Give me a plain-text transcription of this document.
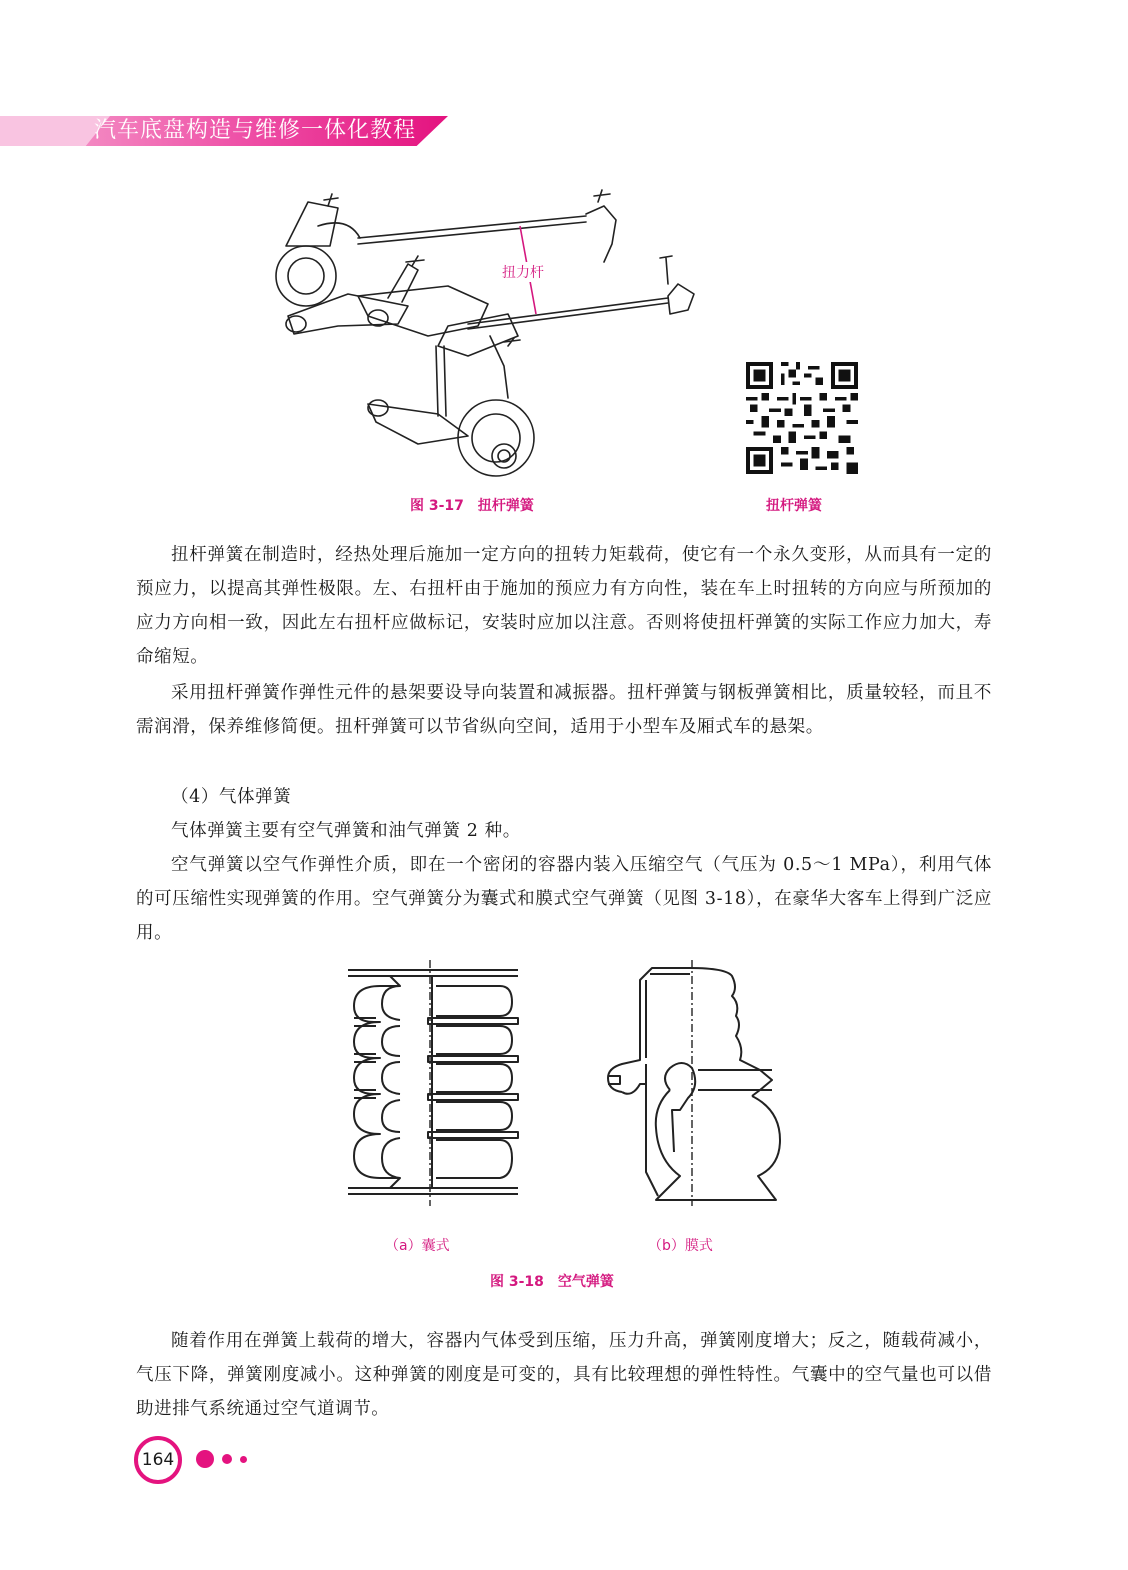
汽车底盘构造与维修一体化教程
扭力杆
图 3-17　扭杆弹簧	扭杆弹簧
扭杆弹簧在制造时，经热处理后施加一定方向的扭转力矩载荷，使它有一个永久变形，从而具有一定的预应力，以提高其弹性极限。左、右扭杆由于施加的预应力有方向性，装在车上时扭转的方向应与所预加的应力方向相一致，因此左右扭杆应做标记，安装时应加以注意。否则将使扭杆弹簧的实际工作应力加大，寿命缩短。
采用扭杆弹簧作弹性元件的悬架要设导向装置和减振器。扭杆弹簧与钢板弹簧相比，质量较轻，而且不需润滑，保养维修简便。扭杆弹簧可以节省纵向空间，适用于小型车及厢式车的悬架。
（4）气体弹簧
气体弹簧主要有空气弹簧和油气弹簧 2 种。
空气弹簧以空气作弹性介质，即在一个密闭的容器内装入压缩空气（气压为 0.5～1 MPa），利用气体的可压缩性实现弹簧的作用。空气弹簧分为囊式和膜式空气弹簧（见图 3-18），在豪华大客车上得到广泛应用。
（a）囊式	（b）膜式
图 3-18　空气弹簧
随着作用在弹簧上载荷的增大，容器内气体受到压缩，压力升高，弹簧刚度增大；反之，随载荷减小，气压下降，弹簧刚度减小。这种弹簧的刚度是可变的，具有比较理想的弹性特性。气囊中的空气量也可以借助进排气系统通过空气道调节。
164
